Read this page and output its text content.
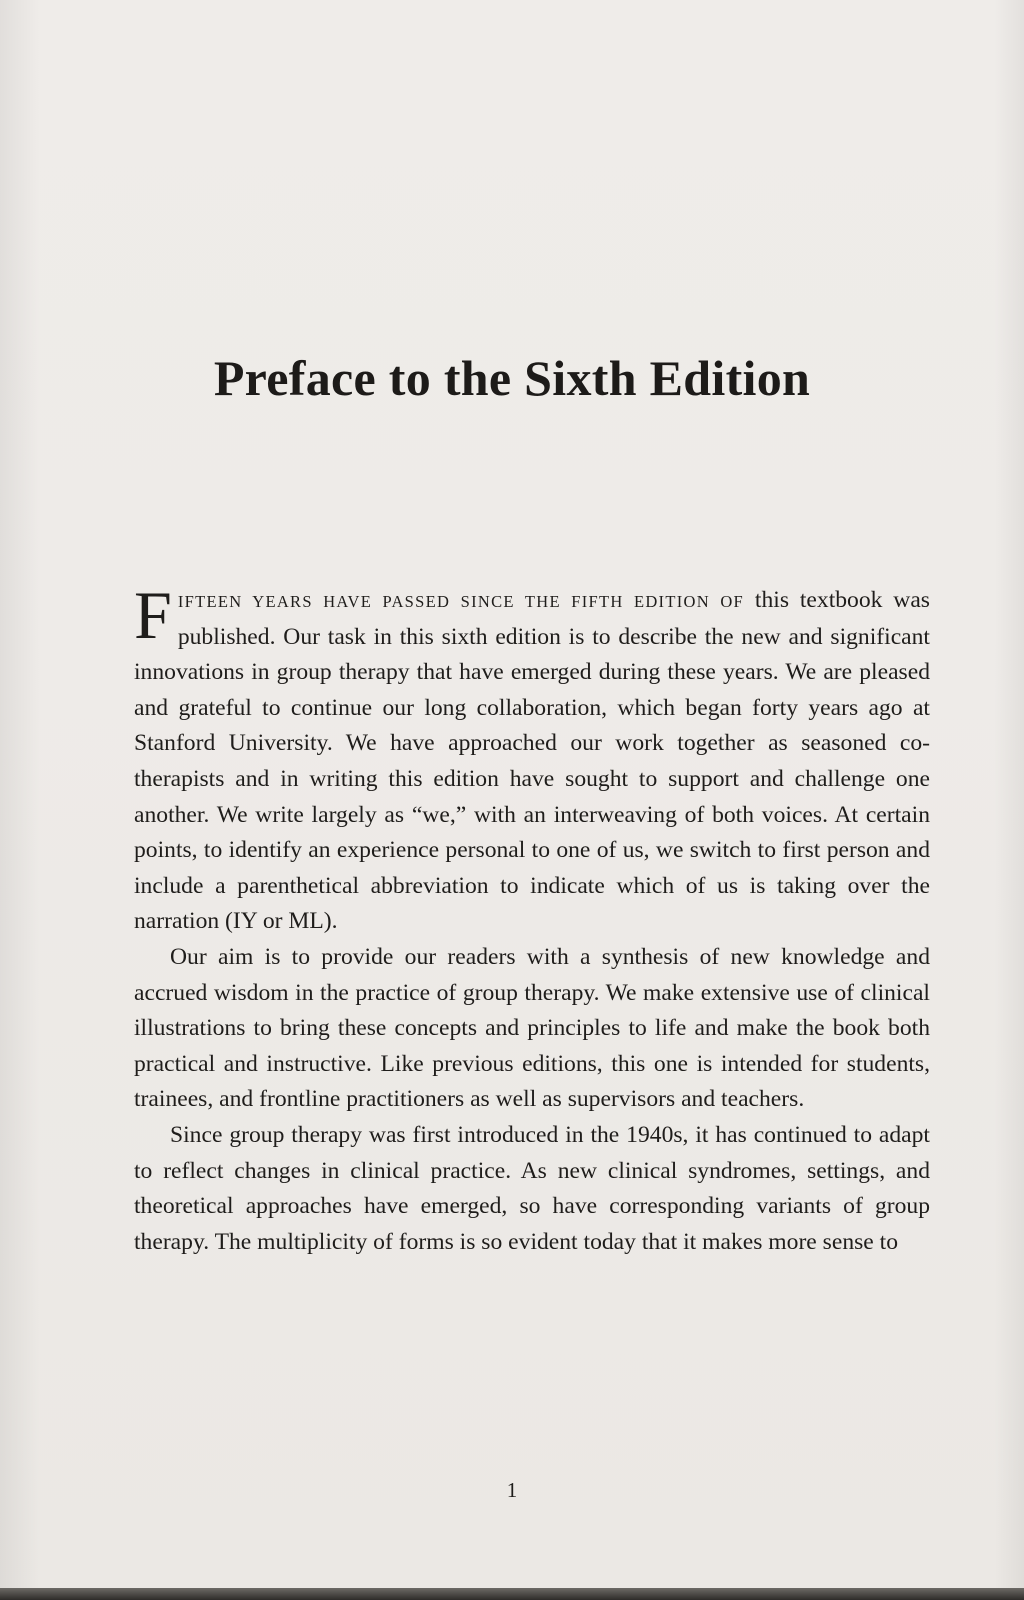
Preface to the Sixth Edition

FIFTEEN YEARS HAVE PASSED SINCE THE FIFTH EDITION OF this textbook was published. Our task in this sixth edition is to describe the new and significant innovations in group therapy that have emerged during these years. We are pleased and grateful to continue our long collaboration, which began forty years ago at Stanford University. We have approached our work together as seasoned co-therapists and in writing this edition have sought to support and challenge one another. We write largely as “we,” with an interweaving of both voices. At certain points, to identify an experience personal to one of us, we switch to first person and include a parenthetical abbreviation to indicate which of us is taking over the narration (IY or ML).

Our aim is to provide our readers with a synthesis of new knowledge and accrued wisdom in the practice of group therapy. We make extensive use of clinical illustrations to bring these concepts and principles to life and make the book both practical and instructive. Like previous editions, this one is intended for students, trainees, and frontline practitioners as well as supervisors and teachers.

Since group therapy was first introduced in the 1940s, it has continued to adapt to reflect changes in clinical practice. As new clinical syndromes, settings, and theoretical approaches have emerged, so have corresponding variants of group therapy. The multiplicity of forms is so evident today that it makes more sense to

1
